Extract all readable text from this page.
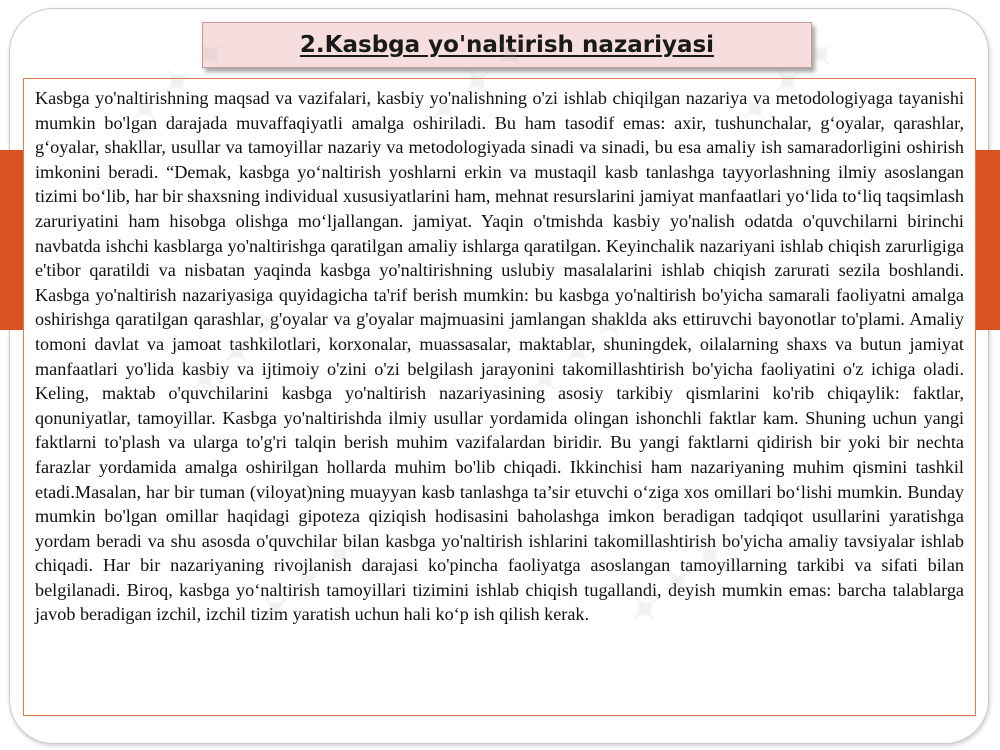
2.Kasbga yo'naltirish nazariyasi

Kasbga yo'naltirishning maqsad va vazifalari, kasbiy yo'nalishning o'zi ishlab chiqilgan nazariya va metodologiyaga tayanishi mumkin bo'lgan darajada muvaffaqiyatli amalga oshiriladi. Bu ham tasodif emas: axir, tushunchalar, g‘oyalar, qarashlar, g‘oyalar, shakllar, usullar va tamoyillar nazariy va metodologiyada sinadi va sinadi, bu esa amaliy ish samaradorligini oshirish imkonini beradi. “Demak, kasbga yo‘naltirish yoshlarni erkin va mustaqil kasb tanlashga tayyorlashning ilmiy asoslangan tizimi bo‘lib, har bir shaxsning individual xususiyatlarini ham, mehnat resurslarini jamiyat manfaatlari yo‘lida to‘liq taqsimlash zaruriyatini ham hisobga olishga mo‘ljallangan. jamiyat. Yaqin o'tmishda kasbiy yo'nalish odatda o'quvchilarni birinchi navbatda ishchi kasblarga yo'naltirishga qaratilgan amaliy ishlarga qaratilgan. Keyinchalik nazariyani ishlab chiqish zarurligiga e'tibor qaratildi va nisbatan yaqinda kasbga yo'naltirishning uslubiy masalalarini ishlab chiqish zarurati sezila boshlandi. Kasbga yo'naltirish nazariyasiga quyidagicha ta'rif berish mumkin: bu kasbga yo'naltirish bo'yicha samarali faoliyatni amalga oshirishga qaratilgan qarashlar, g'oyalar va g'oyalar majmuasini jamlangan shaklda aks ettiruvchi bayonotlar to'plami. Amaliy tomoni davlat va jamoat tashkilotlari, korxonalar, muassasalar, maktablar, shuningdek, oilalarning shaxs va butun jamiyat manfaatlari yo'lida kasbiy va ijtimoiy o'zini o'zi belgilash jarayonini takomillashtirish bo'yicha faoliyatini o'z ichiga oladi. Keling, maktab o'quvchilarini kasbga yo'naltirish nazariyasining asosiy tarkibiy qismlarini ko'rib chiqaylik: faktlar, qonuniyatlar, tamoyillar. Kasbga yo'naltirishda ilmiy usullar yordamida olingan ishonchli faktlar kam. Shuning uchun yangi faktlarni to'plash va ularga to'g'ri talqin berish muhim vazifalardan biridir. Bu yangi faktlarni qidirish bir yoki bir nechta farazlar yordamida amalga oshirilgan hollarda muhim bo'lib chiqadi. Ikkinchisi ham nazariyaning muhim qismini tashkil etadi.Masalan, har bir tuman (viloyat)ning muayyan kasb tanlashga ta’sir etuvchi o‘ziga xos omillari bo‘lishi mumkin. Bunday mumkin bo'lgan omillar haqidagi gipoteza qiziqish hodisasini baholashga imkon beradigan tadqiqot usullarini yaratishga yordam beradi va shu asosda o'quvchilar bilan kasbga yo'naltirish ishlarini takomillashtirish bo'yicha amaliy tavsiyalar ishlab chiqadi. Har bir nazariyaning rivojlanish darajasi ko'pincha faoliyatga asoslangan tamoyillarning tarkibi va sifati bilan belgilanadi. Biroq, kasbga yo‘naltirish tamoyillari tizimini ishlab chiqish tugallandi, deyish mumkin emas: barcha talablarga javob beradigan izchil, izchil tizim yaratish uchun hali ko‘p ish qilish kerak.
